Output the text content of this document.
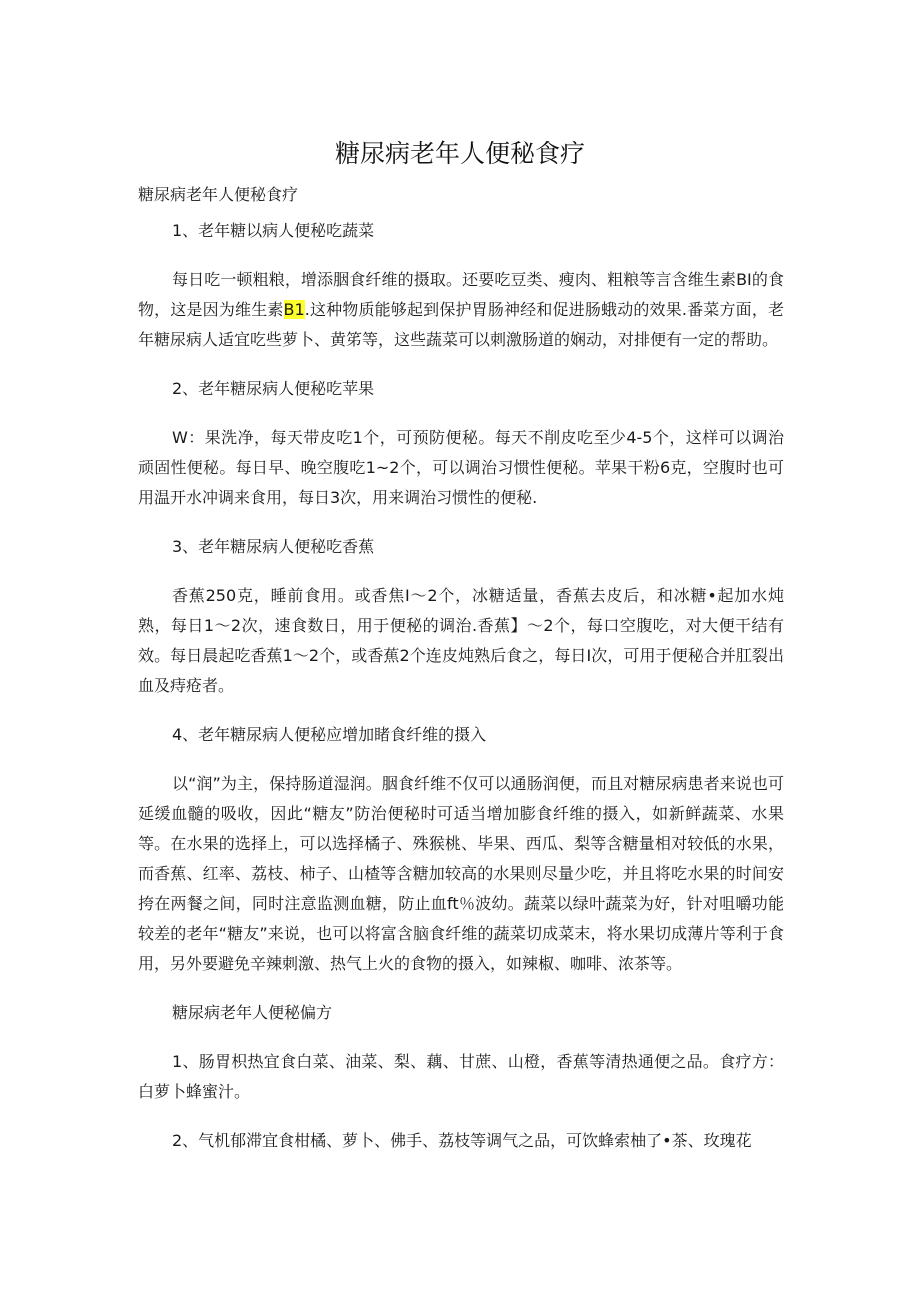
糖尿病老年人便秘食疗
糖尿病老年人便秘食疗
1、老年糖以病人便秘吃蔬菜
每日吃一顿粗粮，增添胭食纤维的摄取。还要吃豆类、瘦肉、粗粮等言含维生素BI的食物，这是因为维生素B1.这种物质能够起到保护胃肠神经和促进肠蛾动的效果.番菜方面，老年糖尿病人适宜吃些萝卜、黄笫等，这些蔬菜可以刺激肠道的娴动，对排便有一定的帮助。
2、老年糖尿病人便秘吃苹果
W：果洗净，每天带皮吃1个，可预防便秘。每天不削皮吃至少4-5个，这样可以调治顽固性便秘。每日早、晚空腹吃1~2个，可以调治习惯性便秘。苹果干粉6克，空腹时也可用温开水冲调来食用，每日3次，用来调治习惯性的便秘.
3、老年糖尿病人便秘吃香蕉
香蕉250克，睡前食用。或香焦I〜2个，冰糖适量，香蕉去皮后，和冰糖•起加水炖熟，每日1〜2次，速食数日，用于便秘的调治.香蕉】〜2个，每口空腹吃，对大便干结有效。每日晨起吃香蕉1〜2个，或香蕉2个连皮炖熟后食之，每日I次，可用于便秘合并肛裂出血及痔疮者。
4、老年糖尿病人便秘应增加睹食纤维的摄入
以“润”为主，保持肠道湿润。胭食纤维不仅可以通肠润便，而且对糖尿病患者来说也可延缓血髓的吸收，因此“糖友”防治便秘时可适当增加膨食纤维的摄入，如新鲜蔬菜、水果等。在水果的选择上，可以选择橘子、殊猴桃、毕果、西瓜、梨等含糖量相对较低的水果，而香蕉、红率、荔枝、柿子、山楂等含糖加较高的水果则尽量少吃，并且将吃水果的时间安挎在两餐之间，同时注意监测血糖，防止血ft％波幼。蔬菜以绿叶蔬菜为好，针对咀嚼功能较差的老年“糖友”来说，也可以将富含脑食纤维的蔬菜切成菜末，将水果切成薄片等利于食用，另外要避免辛辣刺激、热气上火的食物的摄入，如辣椒、咖啡、浓茶等。
糖尿病老年人便秘偏方
1、肠胃枳热宜食白菜、油菜、梨、藕、甘蔗、山橙，香蕉等清热通便之品。食疗方：白萝卜蜂蜜汁。
2、气机郁滞宜食柑橘、萝卜、佛手、荔枝等调气之品，可饮蜂索柚了•茶、玫瑰花
